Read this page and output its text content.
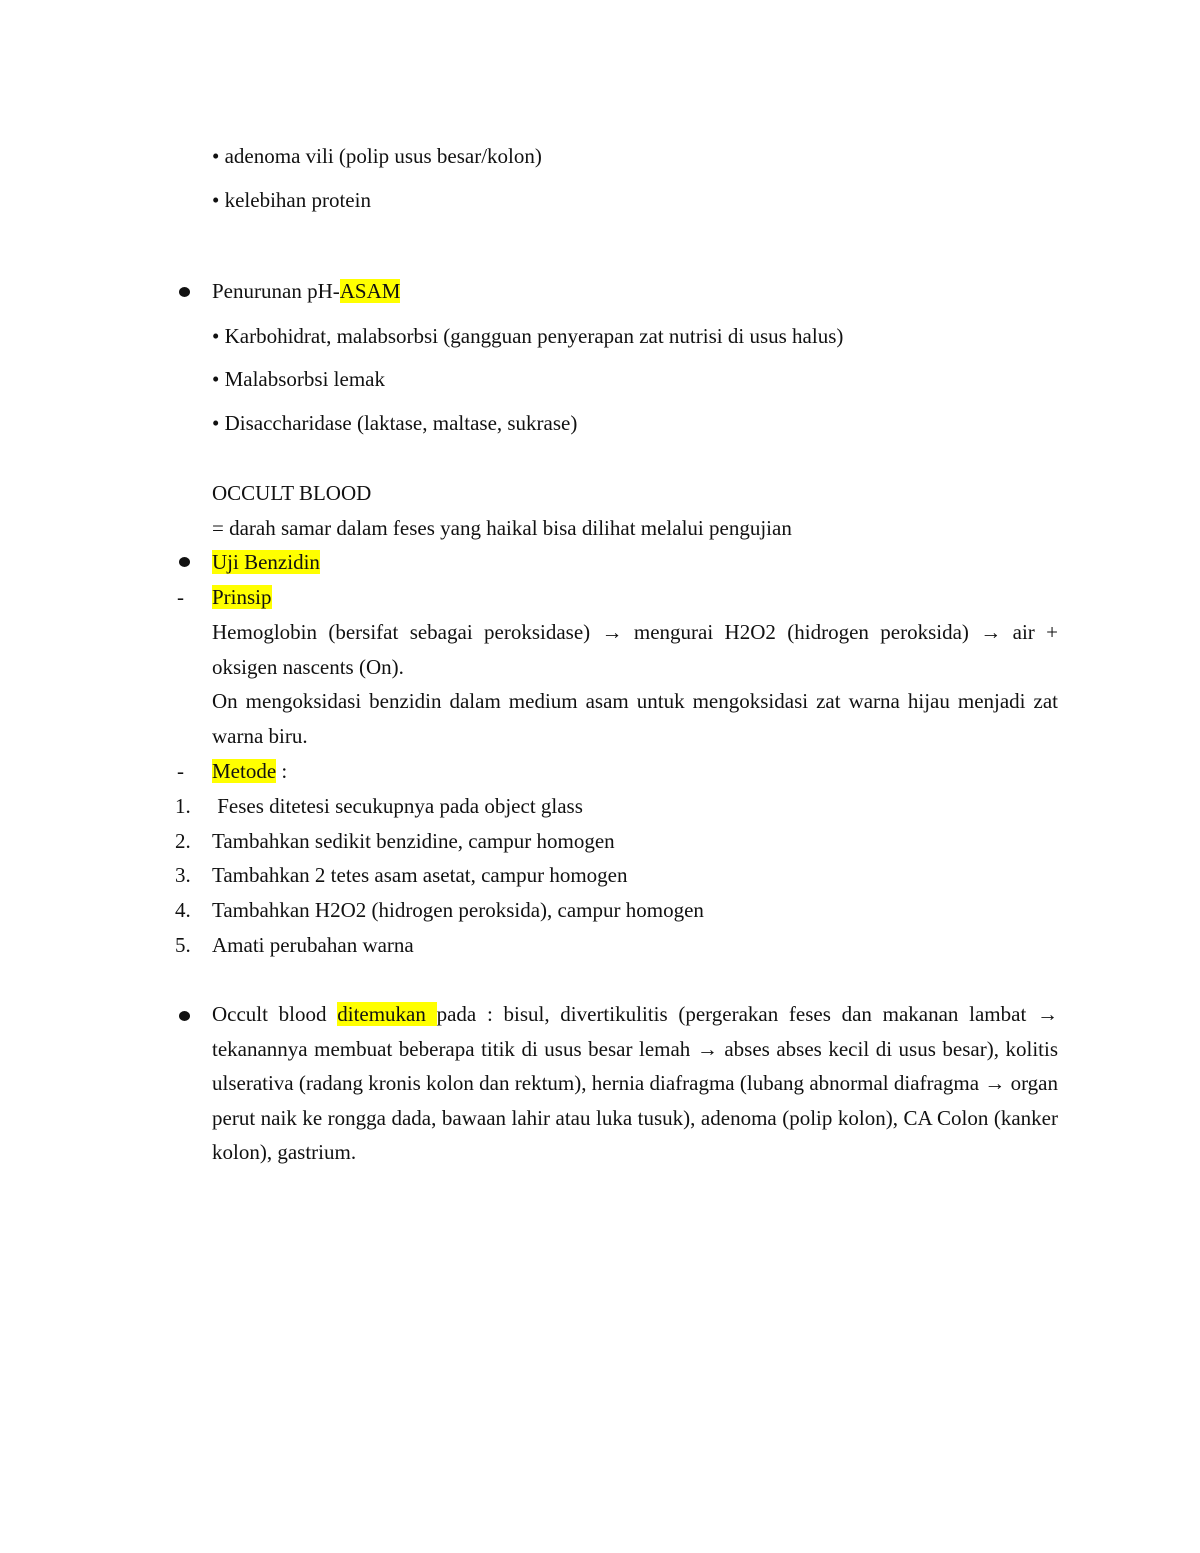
• adenoma vili (polip usus besar/kolon)
• kelebihan protein
Penurunan pH-ASAM
• Karbohidrat, malabsorbsi (gangguan penyerapan zat nutrisi di usus halus)
• Malabsorbsi lemak
• Disaccharidase (laktase, maltase, sukrase)
OCCULT BLOOD
= darah samar dalam feses yang haikal bisa dilihat melalui pengujian
Uji Benzidin
- Prinsip
Hemoglobin (bersifat sebagai peroksidase) → mengurai H2O2 (hidrogen peroksida) → air + oksigen nascents (On).
On mengoksidasi benzidin dalam medium asam untuk mengoksidasi zat warna hijau menjadi zat warna biru.
- Metode :
1. Feses ditetesi secukupnya pada object glass
2. Tambahkan sedikit benzidine, campur homogen
3. Tambahkan 2 tetes asam asetat, campur homogen
4. Tambahkan H2O2 (hidrogen peroksida), campur homogen
5. Amati perubahan warna
Occult blood ditemukan pada : bisul, divertikulitis (pergerakan feses dan makanan lambat → tekanannya membuat beberapa titik di usus besar lemah → abses abses kecil di usus besar), kolitis ulserativa (radang kronis kolon dan rektum), hernia diafragma (lubang abnormal diafragma → organ perut naik ke rongga dada, bawaan lahir atau luka tusuk), adenoma (polip kolon), CA Colon (kanker kolon), gastrium.
